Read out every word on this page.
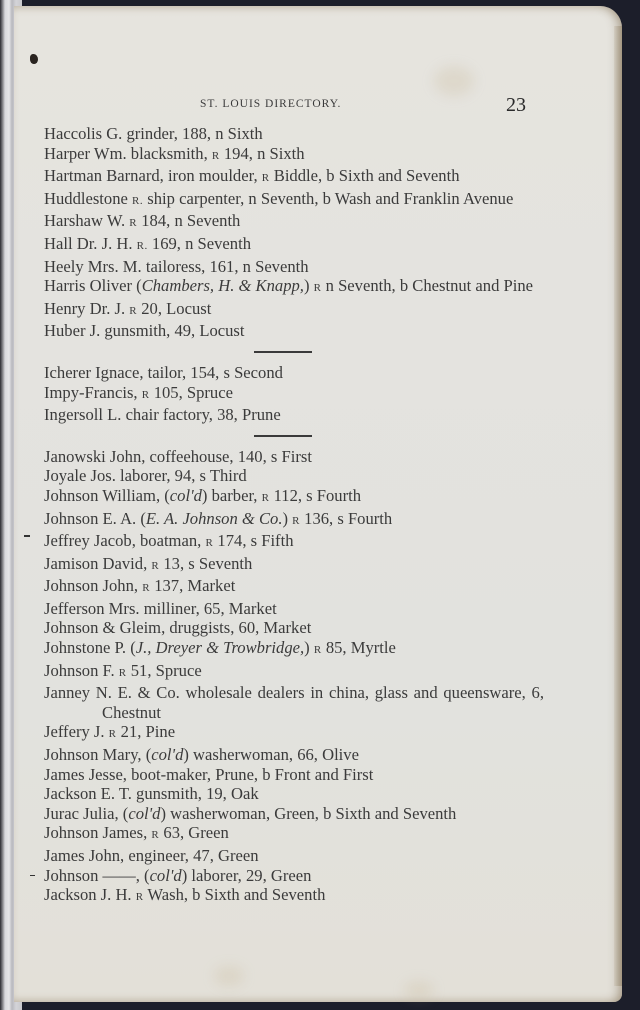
ST. LOUIS DIRECTORY.	23
Haccolis G. grinder, 188, n Sixth
Harper Wm. blacksmith, R 194, n Sixth
Hartman Barnard, iron moulder, R Biddle, b Sixth and Seventh
Huddlestone R. ship carpenter, n Seventh, b Wash and Franklin Avenue
Harshaw W. R 184, n Seventh
Hall Dr. J. H. R. 169, n Seventh
Heely Mrs. M. tailoress, 161, n Seventh
Harris Oliver (Chambers, H. & Knapp,) R n Seventh, b Chestnut and Pine
Henry Dr. J. R 20, Locust
Huber J. gunsmith, 49, Locust
Icherer Ignace, tailor, 154, s Second
Impy-Francis, R 105, Spruce
Ingersoll L. chair factory, 38, Prune
Janowski John, coffeehouse, 140, s First
Joyale Jos. laborer, 94, s Third
Johnson William, (col'd) barber, R 112, s Fourth
Johnson E. A. (E. A. Johnson & Co.) R 136, s Fourth
Jeffrey Jacob, boatman, R 174, s Fifth
Jamison David, R 13, s Seventh
Johnson John, R 137, Market
Jefferson Mrs. milliner, 65, Market
Johnson & Gleim, druggists, 60, Market
Johnstone P. (J., Dreyer & Trowbridge,) R 85, Myrtle
Johnson F. R 51, Spruce
Janney N. E. & Co. wholesale dealers in china, glass and queensware, 6, Chestnut
Jeffery J. R 21, Pine
Johnson Mary, (col'd) washerwoman, 66, Olive
James Jesse, boot-maker, Prune, b Front and First
Jackson E. T. gunsmith, 19, Oak
Jurac Julia, (col'd) washerwoman, Green, b Sixth and Seventh
Johnson James, R 63, Green
James John, engineer, 47, Green
Johnson ——, (col'd) laborer, 29, Green
Jackson J. H. R Wash, b Sixth and Seventh
